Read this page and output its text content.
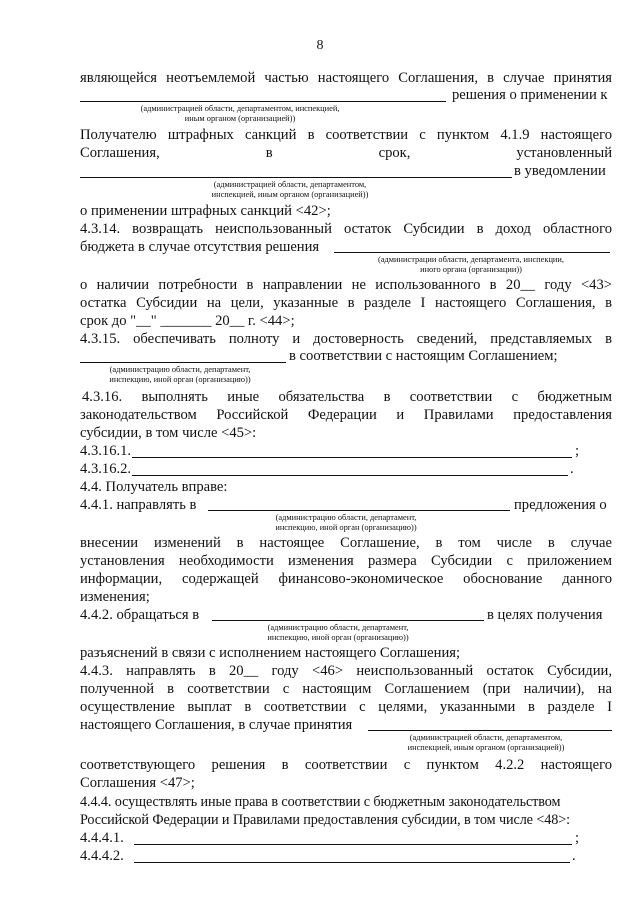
8
являющейся неотъемлемой частью настоящего Соглашения, в случае принятия
решения о применении к
(администрацией области, департаментом, инспекцией,
иным органом (организацией))
Получателю штрафных санкций в соответствии с пунктом 4.1.9 настоящего
Соглашения, в срок, установленный
в уведомлении
(администрацией области, департаментом,
инспекцией, иным органом (организацией))
о применении штрафных санкций <42>;
4.3.14. возвращать неиспользованный остаток Субсидии в доход областного
бюджета в случае отсутствия решения
(администрации области, департамента, инспекции,
иного органа (организации))
о наличии потребности в направлении не использованного в 20__ году <43>
остатка Субсидии на цели, указанные в разделе I настоящего Соглашения, в
срок до "__" _______ 20__ г. <44>;
4.3.15. обеспечивать полноту и достоверность сведений, представляемых в
в соответствии с настоящим Соглашением;
(администрацию области, департамент,
инспекцию, иной орган (организацию))
4.3.16. выполнять иные обязательства в соответствии с бюджетным
законодательством Российской Федерации и Правилами предоставления
субсидии, в том числе <45>:
4.3.16.1.	;
4.3.16.2.	.
4.4. Получатель вправе:
4.4.1. направлять в	предложения о
(администрацию области, департамент,
инспекцию, иной орган (организацию))
внесении изменений в настоящее Соглашение, в том числе в случае
установления необходимости изменения размера Субсидии с приложением
информации, содержащей финансово-экономическое обоснование данного
изменения;
4.4.2. обращаться в	в целях получения
(администрацию области, департамент,
инспекцию, иной орган (организацию))
разъяснений в связи с исполнением настоящего Соглашения;
4.4.3. направлять в 20__ году <46> неиспользованный остаток Субсидии,
полученной в соответствии с настоящим Соглашением (при наличии), на
осуществление выплат в соответствии с целями, указанными в разделе I
настоящего Соглашения, в случае принятия
(администрацией области, департаментом,
инспекцией, иным органом (организацией))
соответствующего решения в соответствии с пунктом 4.2.2 настоящего
Соглашения <47>;
4.4.4. осуществлять иные права в соответствии с бюджетным законодательством
Российской Федерации и Правилами предоставления субсидии, в том числе <48>:
4.4.4.1.	;
4.4.4.2.	.
